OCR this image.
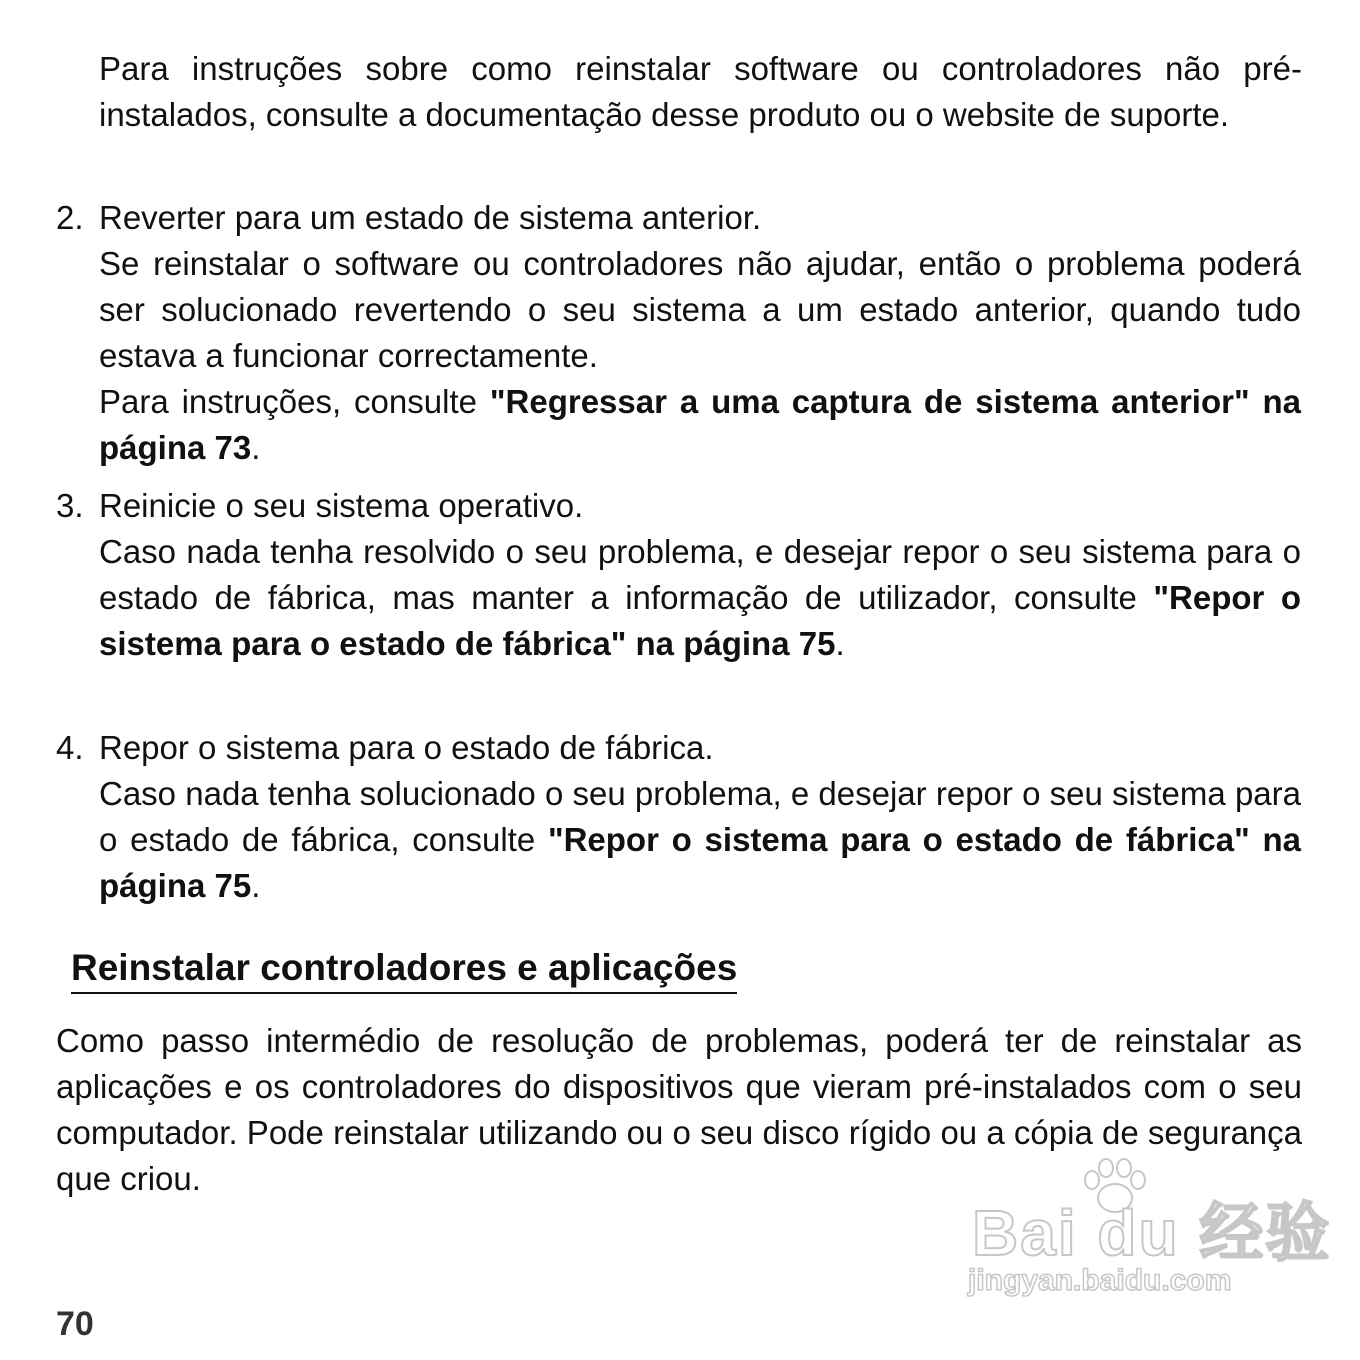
Para instruções sobre como reinstalar software ou controladores não pré-instalados, consulte a documentação desse produto ou o website de suporte.

2. Reverter para um estado de sistema anterior.
Se reinstalar o software ou controladores não ajudar, então o problema poderá ser solucionado revertendo o seu sistema a um estado anterior, quando tudo estava a funcionar correctamente.
Para instruções, consulte "Regressar a uma captura de sistema anterior" na página 73.
3. Reinicie o seu sistema operativo.
Caso nada tenha resolvido o seu problema, e desejar repor o seu sistema para o estado de fábrica, mas manter a informação de utilizador, consulte "Repor o sistema para o estado de fábrica" na página 75.
4. Repor o sistema para o estado de fábrica.
Caso nada tenha solucionado o seu problema, e desejar repor o seu sistema para o estado de fábrica, consulte "Repor o sistema para o estado de fábrica" na página 75.
Reinstalar controladores e aplicações

Como passo intermédio de resolução de problemas, poderá ter de reinstalar as aplicações e os controladores do dispositivos que vieram pré-instalados com o seu computador. Pode reinstalar utilizando ou o seu disco rígido ou a cópia de segurança que criou.

Bai du 经验
jingyan.baidu.com
70
